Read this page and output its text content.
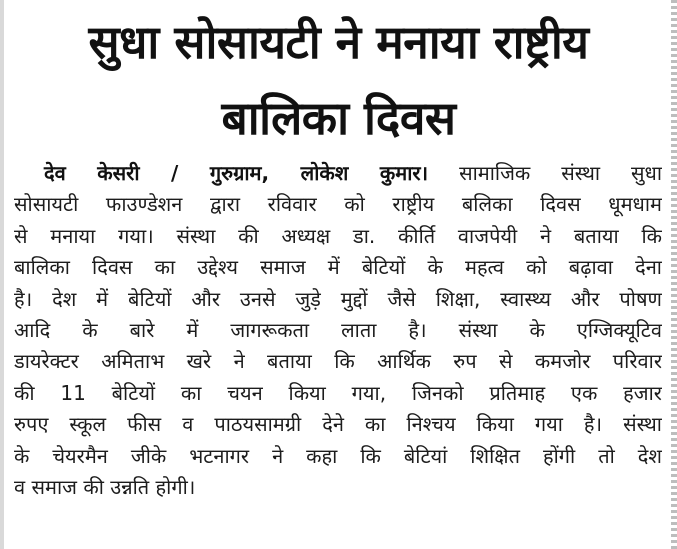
सुधा सोसायटी ने मनाया राष्ट्रीय
बालिका दिवस
देव केसरी / गुरुग्राम, लोकेश कुमार। सामाजिक संस्था सुधा
सोसायटी फाउण्डेशन द्वारा रविवार को राष्ट्रीय बलिका दिवस धूमधाम
से मनाया गया। संस्था की अध्यक्ष डा. कीर्ति वाजपेयी ने बताया कि
बालिका दिवस का उद्देश्य समाज में बेटियों के महत्व को बढ़ावा देना
है। देश में बेटियों और उनसे जुड़े मुद्दों जैसे शिक्षा, स्वास्थ्य और पोषण
आदि के बारे में जागरूकता लाता है। संस्था के एग्जिक्यूटिव
डायरेक्टर अमिताभ खरे ने बताया कि आर्थिक रुप से कमजोर परिवार
की 11 बेटियों का चयन किया गया, जिनको प्रतिमाह एक हजार
रुपए स्कूल फीस व पाठयसामग्री देने का निश्चय किया गया है। संस्था
के चेयरमैन जीके भटनागर ने कहा कि बेटियां शिक्षित होंगी तो देश
व समाज की उन्नति होगी।
